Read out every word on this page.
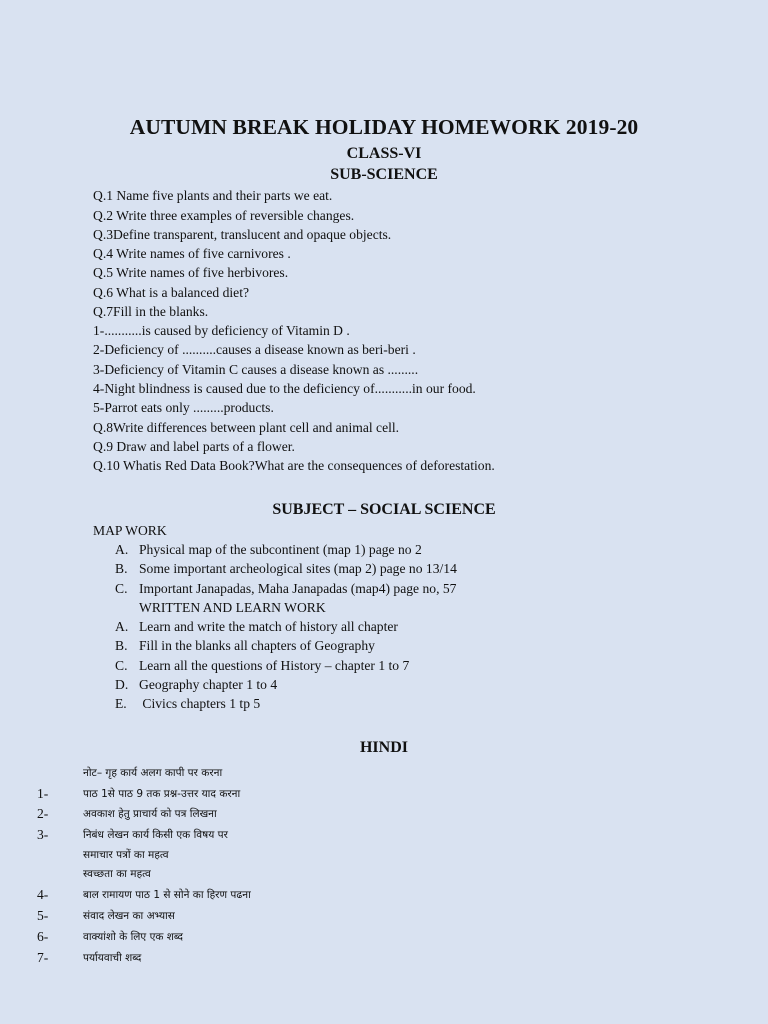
AUTUMN BREAK HOLIDAY HOMEWORK 2019-20
CLASS-VI
SUB-SCIENCE
Q.1 Name five plants and their parts we eat.
Q.2 Write three examples of reversible changes.
Q.3Define transparent, translucent and opaque objects.
Q.4 Write names of five carnivores .
Q.5 Write names of five herbivores.
Q.6 What is a balanced diet?
Q.7Fill in the blanks.
1-...........is caused by deficiency of Vitamin D .
2-Deficiency of ..........causes a disease known as beri-beri .
3-Deficiency of Vitamin C causes a disease known as .........
4-Night blindness is caused due to the deficiency of...........in our food.
5-Parrot eats only .........products.
Q.8Write differences between plant cell and animal cell.
Q.9 Draw and label parts of a flower.
Q.10 Whatis Red Data Book?What are the consequences of deforestation.
SUBJECT – SOCIAL SCIENCE
MAP WORK
A. Physical map of the subcontinent (map 1) page no 2
B. Some important archeological sites (map 2) page no 13/14
C. Important Janapadas, Maha Janapadas (map4) page no, 57
WRITTEN AND LEARN WORK
A. Learn and write the match of history all chapter
B. Fill in the blanks all chapters of Geography
C. Learn all the questions of History – chapter 1 to 7
D. Geography chapter 1 to 4
E. Civics chapters 1 tp 5
HINDI
नोट– गृह कार्य अलग कापी पर करना
1-	पाठ 1से पाठ 9 तक प्रश्न-उत्तर याद करना
2-	अवकाश हेतु प्राचार्य को पत्र लिखना
3-	निबंध लेखन कार्य किसी एक विषय पर
समाचार पत्रों का महत्व
स्वच्छता का महत्व
4-	बाल रामायण पाठ 1 से सोने का हिरण पढना
5-	संवाद लेखन का अभ्यास
6-	वाक्यांशो के लिए एक शब्द
7-	पर्यायवाची शब्द
